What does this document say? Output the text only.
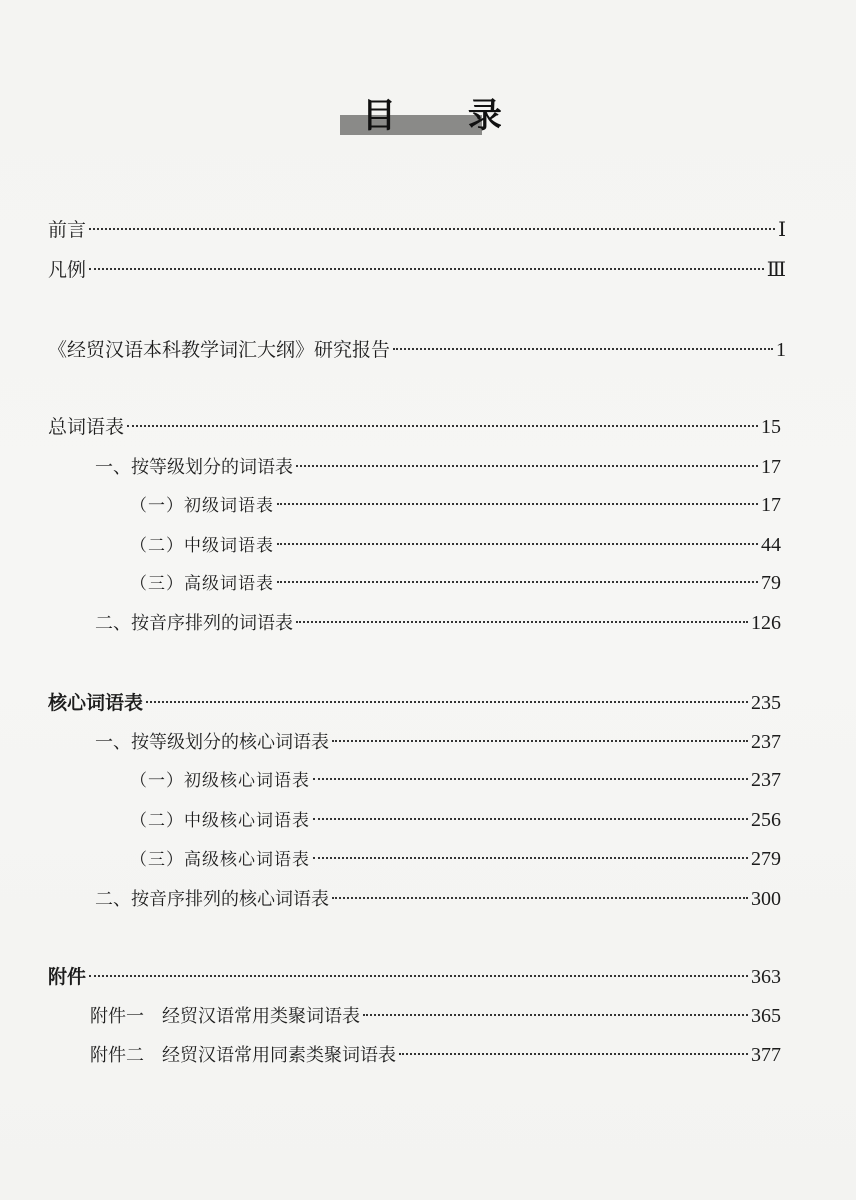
目 录
前言	Ⅰ
凡例	Ⅲ
《经贸汉语本科教学词汇大纲》研究报告	1
总词语表	15
一、按等级划分的词语表	17
（一）初级词语表	17
（二）中级词语表	44
（三）高级词语表	79
二、按音序排列的词语表	126
核心词语表	235
一、按等级划分的核心词语表	237
（一）初级核心词语表	237
（二）中级核心词语表	256
（三）高级核心词语表	279
二、按音序排列的核心词语表	300
附件	363
附件一　经贸汉语常用类聚词语表	365
附件二　经贸汉语常用同素类聚词语表	377
